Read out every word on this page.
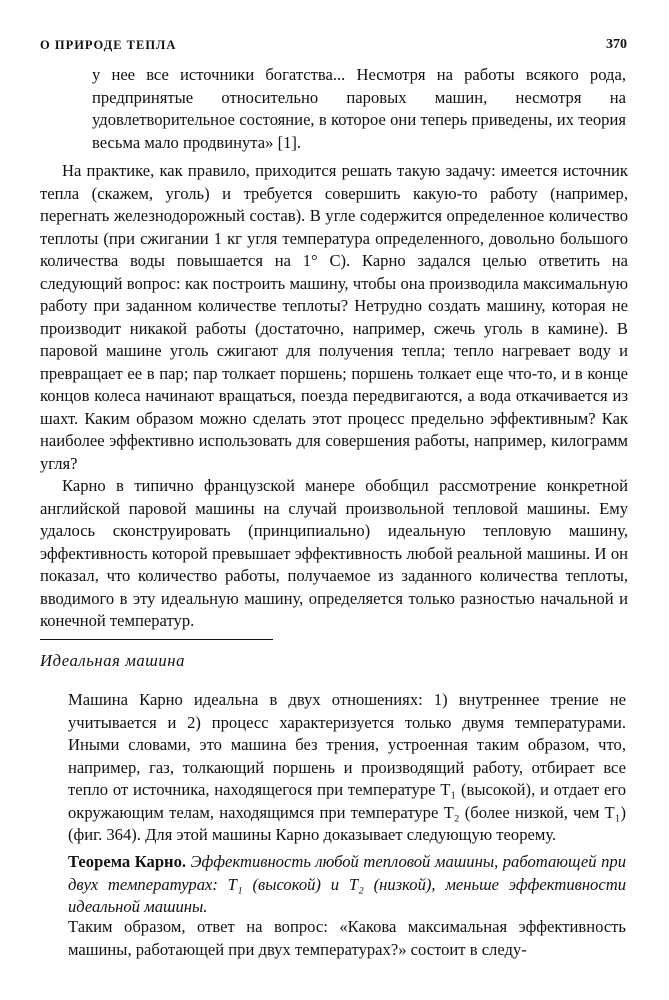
О ПРИРОДЕ ТЕПЛА	370
у нее все источники богатства... Несмотря на работы всякого рода, предпринятые относительно паровых машин, несмотря на удовлетворительное состояние, в которое они теперь приведены, их теория весьма мало продвинута» [1].

На практике, как правило, приходится решать такую задачу: имеется источник тепла (скажем, уголь) и требуется совершить какую-то работу (например, перегнать железнодорожный состав). В угле содержится определенное количество теплоты (при сжигании 1 кг угля температура определенного, довольно большого количества воды повышается на 1° С). Карно задался целью ответить на следующий вопрос: как построить машину, чтобы она производила максимальную работу при заданном количестве теплоты? Нетрудно создать машину, которая не производит никакой работы (достаточно, например, сжечь уголь в камине). В паровой машине уголь сжигают для получения тепла; тепло нагревает воду и превращает ее в пар; пар толкает поршень; поршень толкает еще что-то, и в конце концов колеса начинают вращаться, поезда передвигаются, а вода откачивается из шахт. Каким образом можно сделать этот процесс предельно эффективным? Как наиболее эффективно использовать для совершения работы, например, килограмм угля?

Карно в типично французской манере обобщил рассмотрение конкретной английской паровой машины на случай произвольной тепловой машины. Ему удалось сконструировать (принципиально) идеальную тепловую машину, эффективность которой превышает эффективность любой реальной машины. И он показал, что количество работы, получаемое из заданного количества теплоты, вводимого в эту идеальную машину, определяется только разностью начальной и конечной температур.

Идеальная машина
Машина Карно идеальна в двух отношениях: 1) внутреннее трение не учитывается и 2) процесс характеризуется только двумя температурами. Иными словами, это машина без трения, устроенная таким образом, что, например, газ, толкающий поршень и производящий работу, отбирает все тепло от источника, находящегося при температуре T₁ (высокой), и отдает его окружающим телам, находящимся при температуре T₂ (более низкой, чем T₁) (фиг. 364). Для этой машины Карно доказывает следующую теорему.
Теорема Карно. Эффективность любой тепловой машины, работающей при двух температурах: T₁ (высокой) и T₂ (низкой), меньше эффективности идеальной машины.
Таким образом, ответ на вопрос: «Какова максимальная эффективность машины, работающей при двух температурах?» состоит в следу-
